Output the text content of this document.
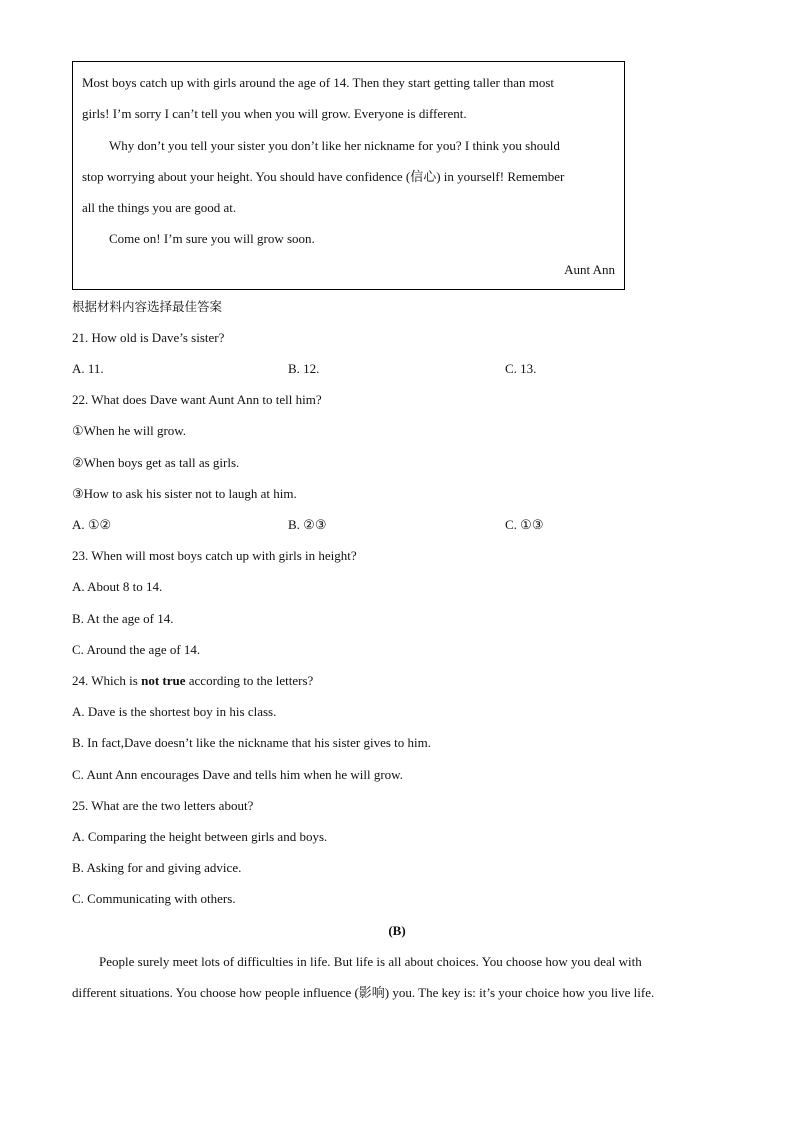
Most boys catch up with girls around the age of 14. Then they start getting taller than most
girls! I’m sorry I can’t tell you when you will grow. Everyone is different.
Why don’t you tell your sister you don’t like her nickname for you? I think you should
stop worrying about your height. You should have confidence (信心) in yourself! Remember
all the things you are good at.
Come on! I’m sure you will grow soon.
Aunt Ann
根据材料内容选择最佳答案
21. How old is Dave’s sister?
A. 11.	B. 12.	C. 13.
22. What does Dave want Aunt Ann to tell him?
①When he will grow.
②When boys get as tall as girls.
③How to ask his sister not to laugh at him.
A. ①②	B. ②③	C. ①③
23. When will most boys catch up with girls in height?
A. About 8 to 14.
B. At the age of 14.
C. Around the age of 14.
24. Which is not true according to the letters?
A. Dave is the shortest boy in his class.
B. In fact,Dave doesn’t like the nickname that his sister gives to him.
C. Aunt Ann encourages Dave and tells him when he will grow.
25. What are the two letters about?
A. Comparing the height between girls and boys.
B. Asking for and giving advice.
C. Communicating with others.
(B)
People surely meet lots of difficulties in life. But life is all about choices. You choose how you deal with
different situations. You choose how people influence (影响) you. The key is: it’s your choice how you live life.
